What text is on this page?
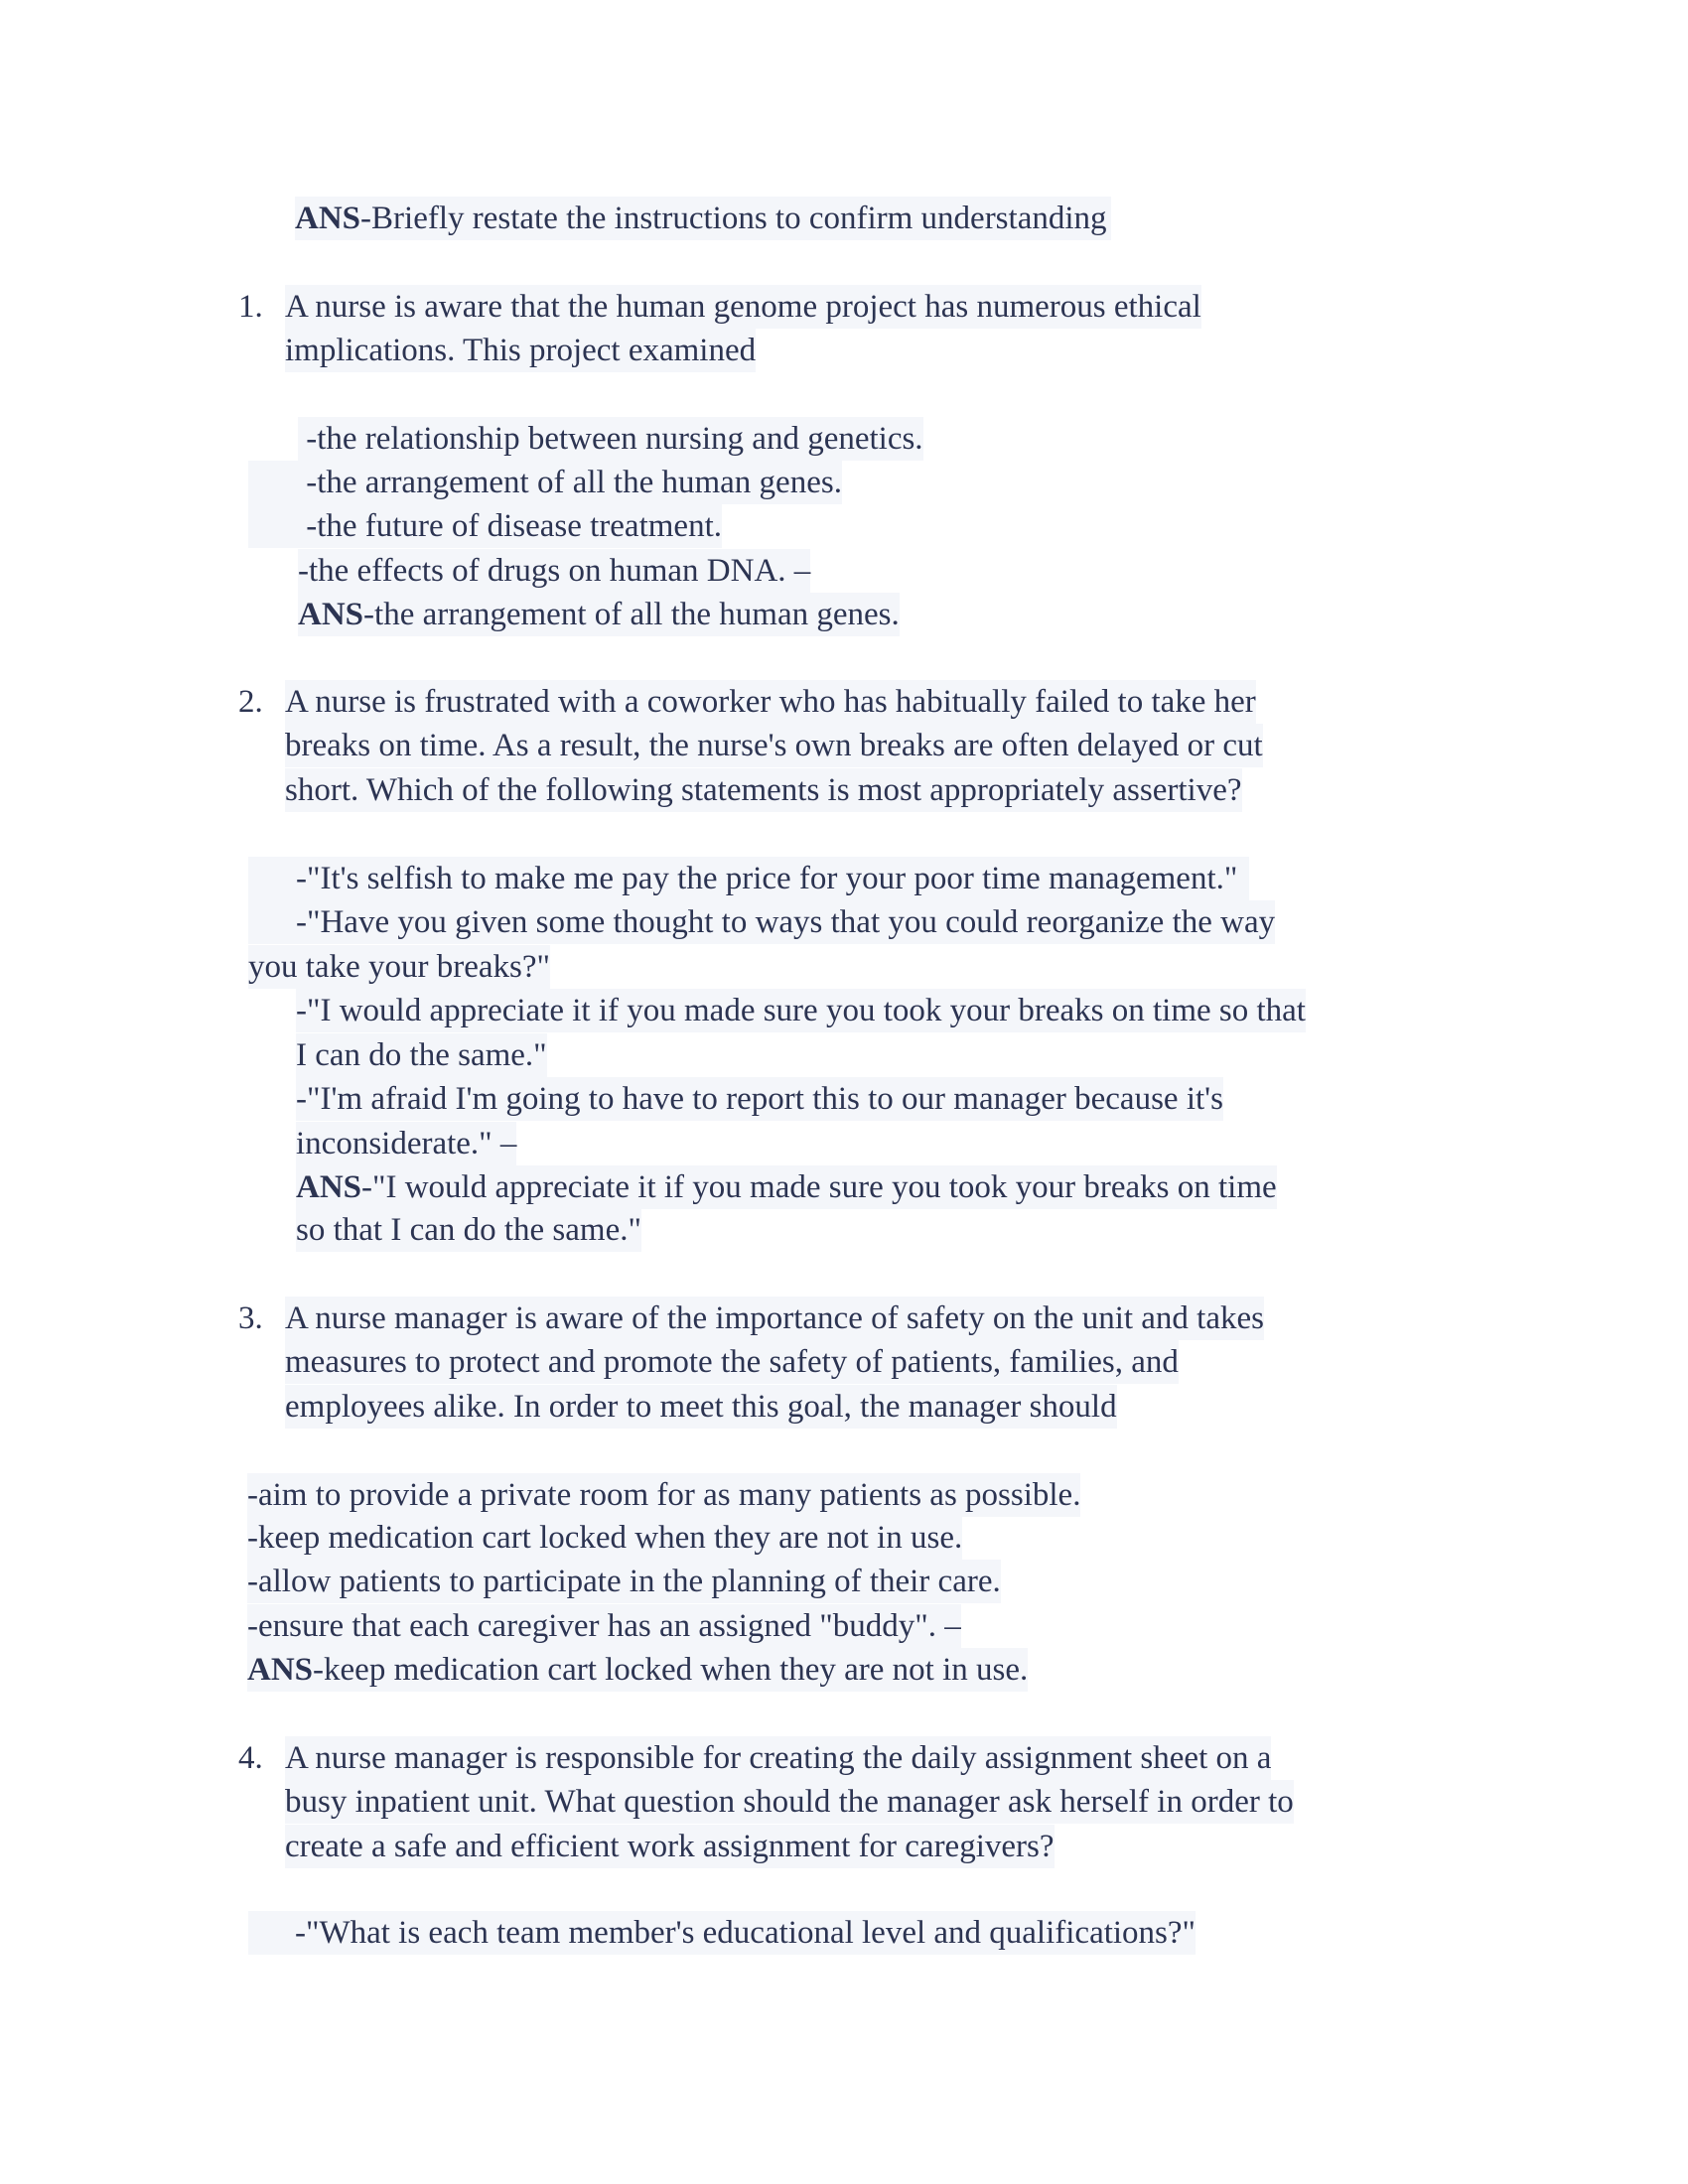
ANS-Briefly restate the instructions to confirm understanding
1. A nurse is aware that the human genome project has numerous ethical
implications. This project examined
-the relationship between nursing and genetics.
-the arrangement of all the human genes.
-the future of disease treatment.
-the effects of drugs on human DNA. –
ANS-the arrangement of all the human genes.
2. A nurse is frustrated with a coworker who has habitually failed to take her
breaks on time. As a result, the nurse's own breaks are often delayed or cut
short. Which of the following statements is most appropriately assertive?
-"It's selfish to make me pay the price for your poor time management."
-"Have you given some thought to ways that you could reorganize the way
you take your breaks?"
-"I would appreciate it if you made sure you took your breaks on time so that
I can do the same."
-"I'm afraid I'm going to have to report this to our manager because it's
inconsiderate." –
ANS-"I would appreciate it if you made sure you took your breaks on time
so that I can do the same."
3. A nurse manager is aware of the importance of safety on the unit and takes
measures to protect and promote the safety of patients, families, and
employees alike. In order to meet this goal, the manager should
-aim to provide a private room for as many patients as possible.
-keep medication cart locked when they are not in use.
-allow patients to participate in the planning of their care.
-ensure that each caregiver has an assigned "buddy". –
ANS-keep medication cart locked when they are not in use.
4. A nurse manager is responsible for creating the daily assignment sheet on a
busy inpatient unit. What question should the manager ask herself in order to
create a safe and efficient work assignment for caregivers?
-"What is each team member's educational level and qualifications?"
